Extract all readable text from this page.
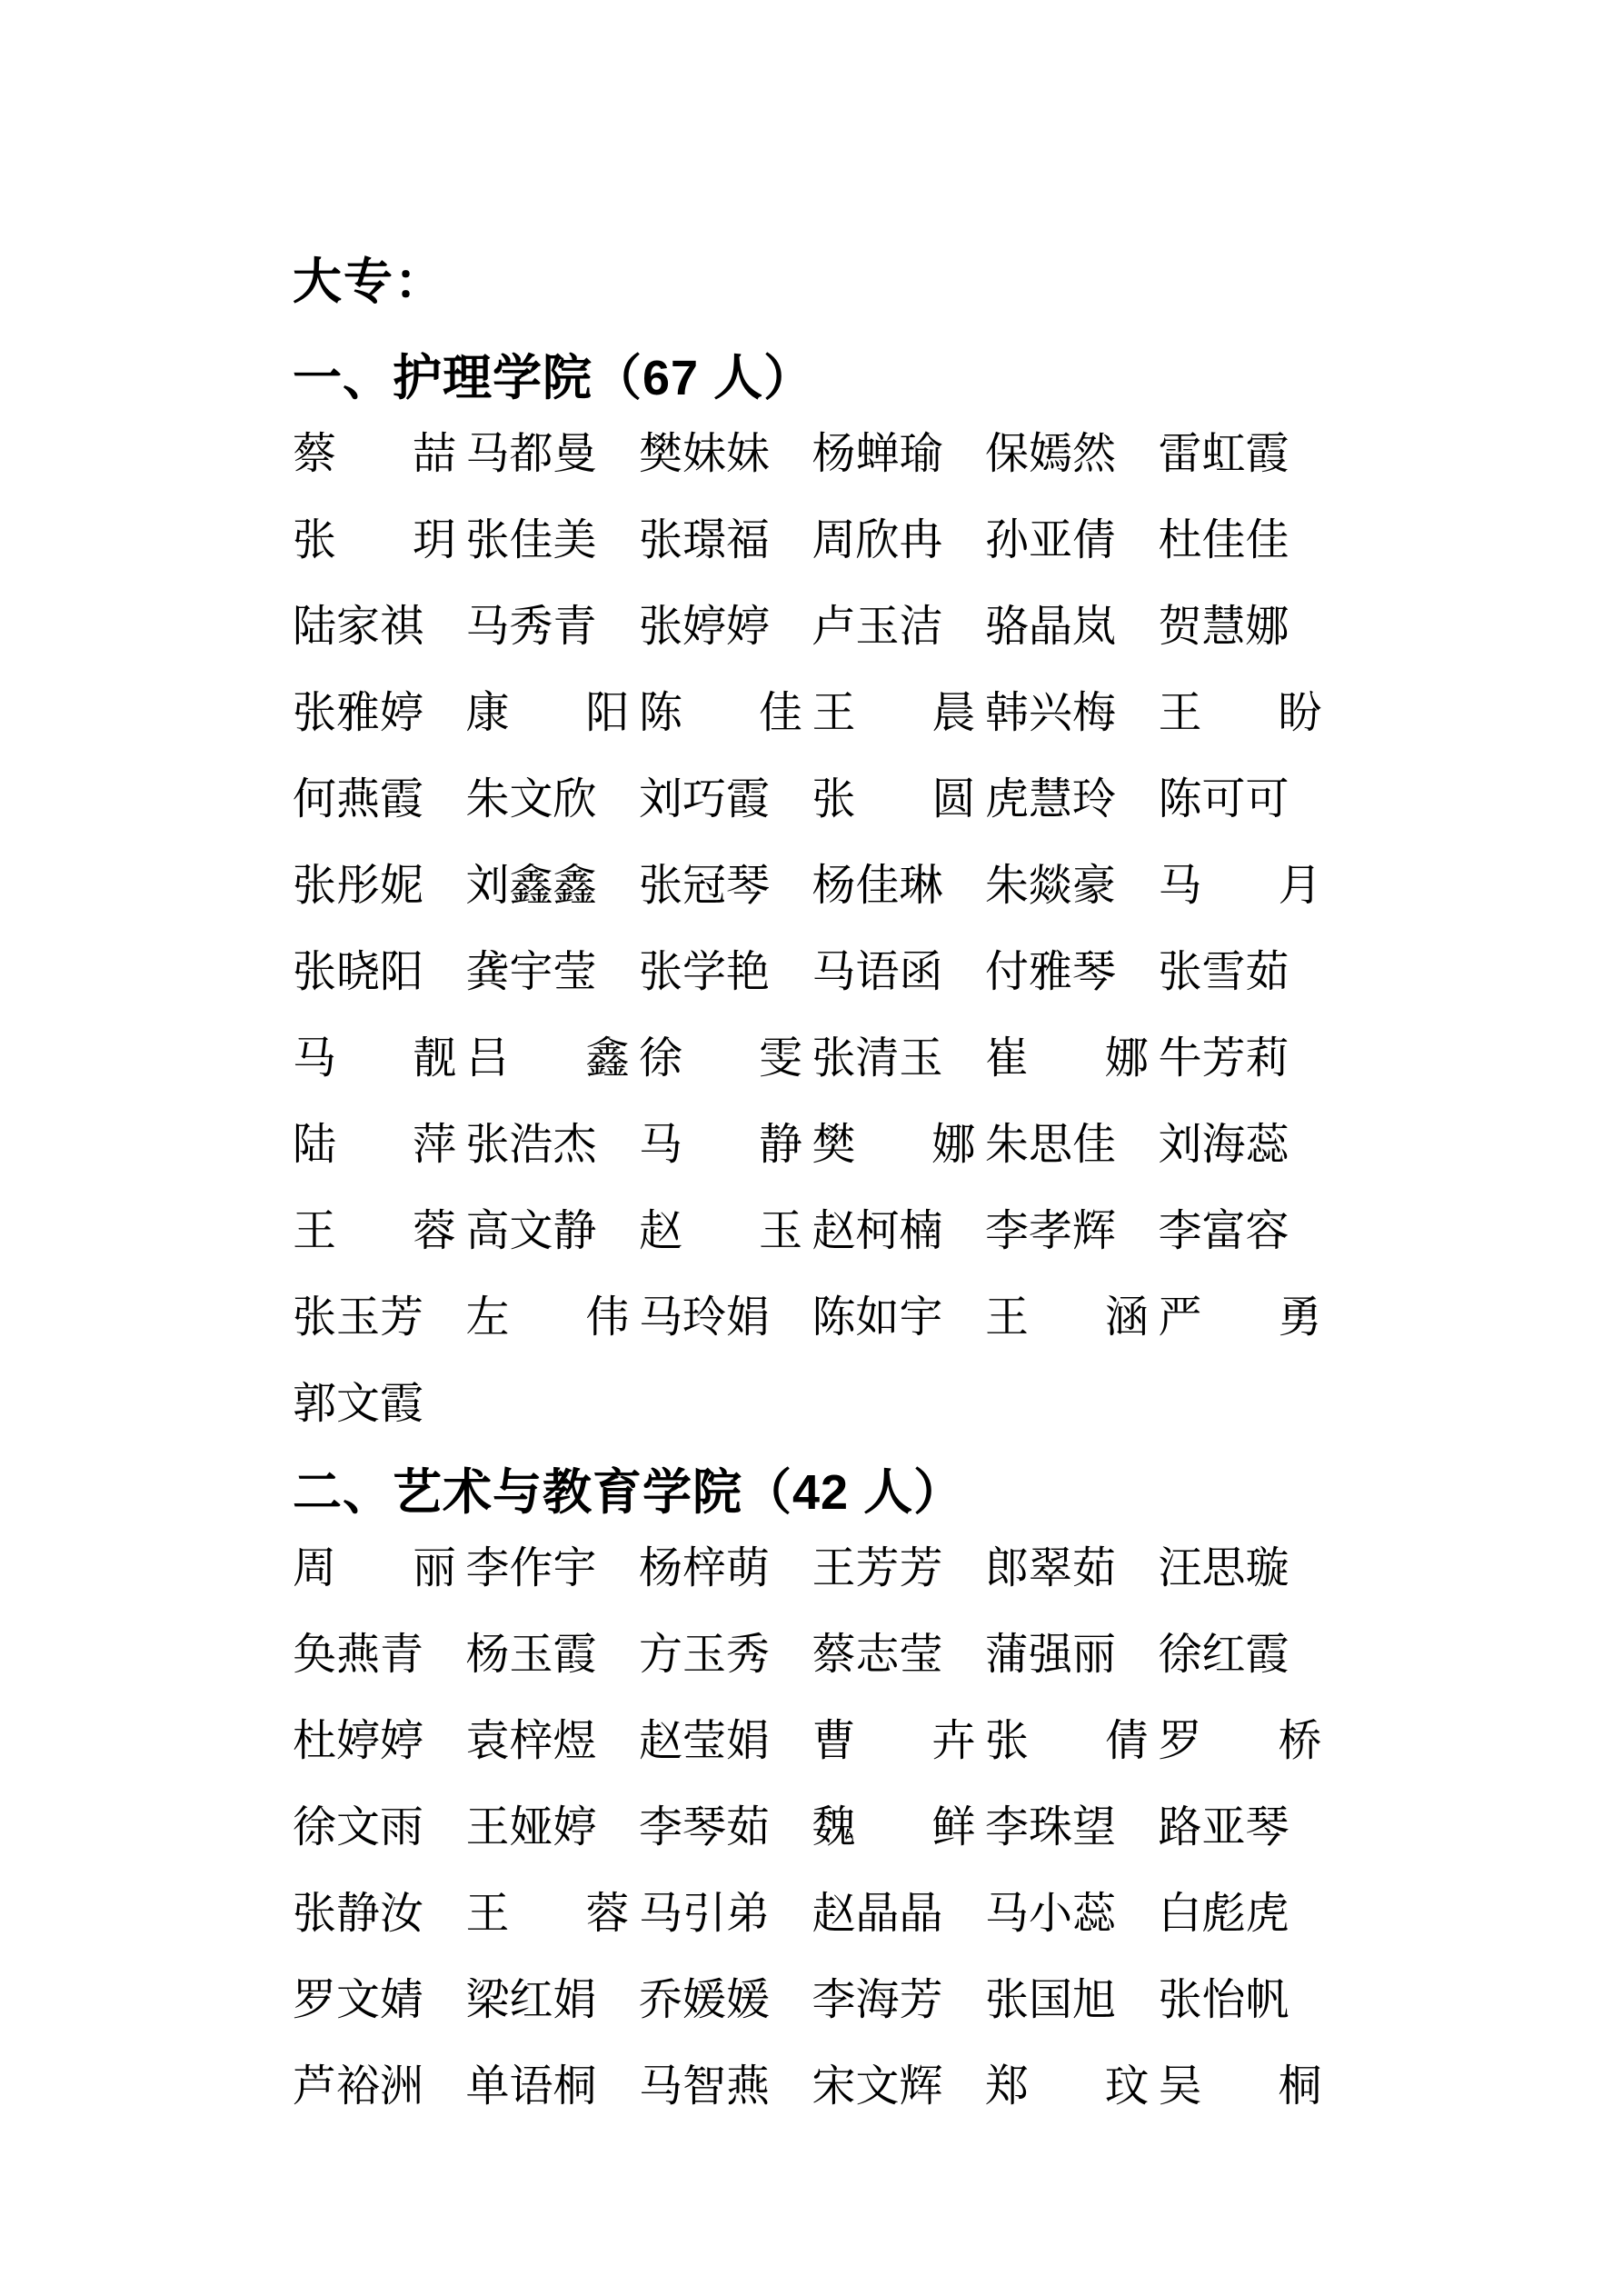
大专：
一、护理学院（67 人）
蔡喆 马都曼 樊妹妹 杨蝉瑜 保嫣然 雷虹霞
张玥 张佳美 张璟福 周欣冉 孙亚倩 杜佳佳
陆家祺 马秀青 张婷婷 卢玉洁 骆晶岚 贺慧娜
张雅婷 康阳 陈佳 王晨 韩兴梅 王盼
何燕霞 朱文欣 刘巧霞 张圆 虎慧玲 陈可可
张彤妮 刘鑫鑫 张冠琴 杨佳琳 朱燚豪 马月
张晓阳 龚宇莹 张学艳 马语函 付雅琴 张雪茹
马靓 吕鑫 徐雯 张清玉 崔娜 牛芳莉
陆萍 张浩杰 马静 樊娜 朱思佳 刘海蕊
王蓉 高文静 赵玉 赵柯楠 李孝辉 李富容
张玉芳 左伟 马玲娟 陈如宇 王涵 严勇
郭文霞
二、艺术与教育学院（42 人）
周丽 李作宇 杨梓萌 王芳芳 郎翠茹 汪思璇
奂燕青 杨玉霞 方玉秀 蔡志莹 蒲强丽 徐红霞
杜婷婷 袁梓煜 赵莹娟 曹卉 张倩 罗桥
徐文雨 王娅婷 李琴茹 魏鲜 李珠望 路亚琴
张静汝 王蓉 马引弟 赵晶晶 马小蕊 白彪虎
罗文婧 梁红娟 乔媛媛 李海芳 张国旭 张怡帆
芦裕洲 单语桐 马智燕 宋文辉 郑玟 吴桐
